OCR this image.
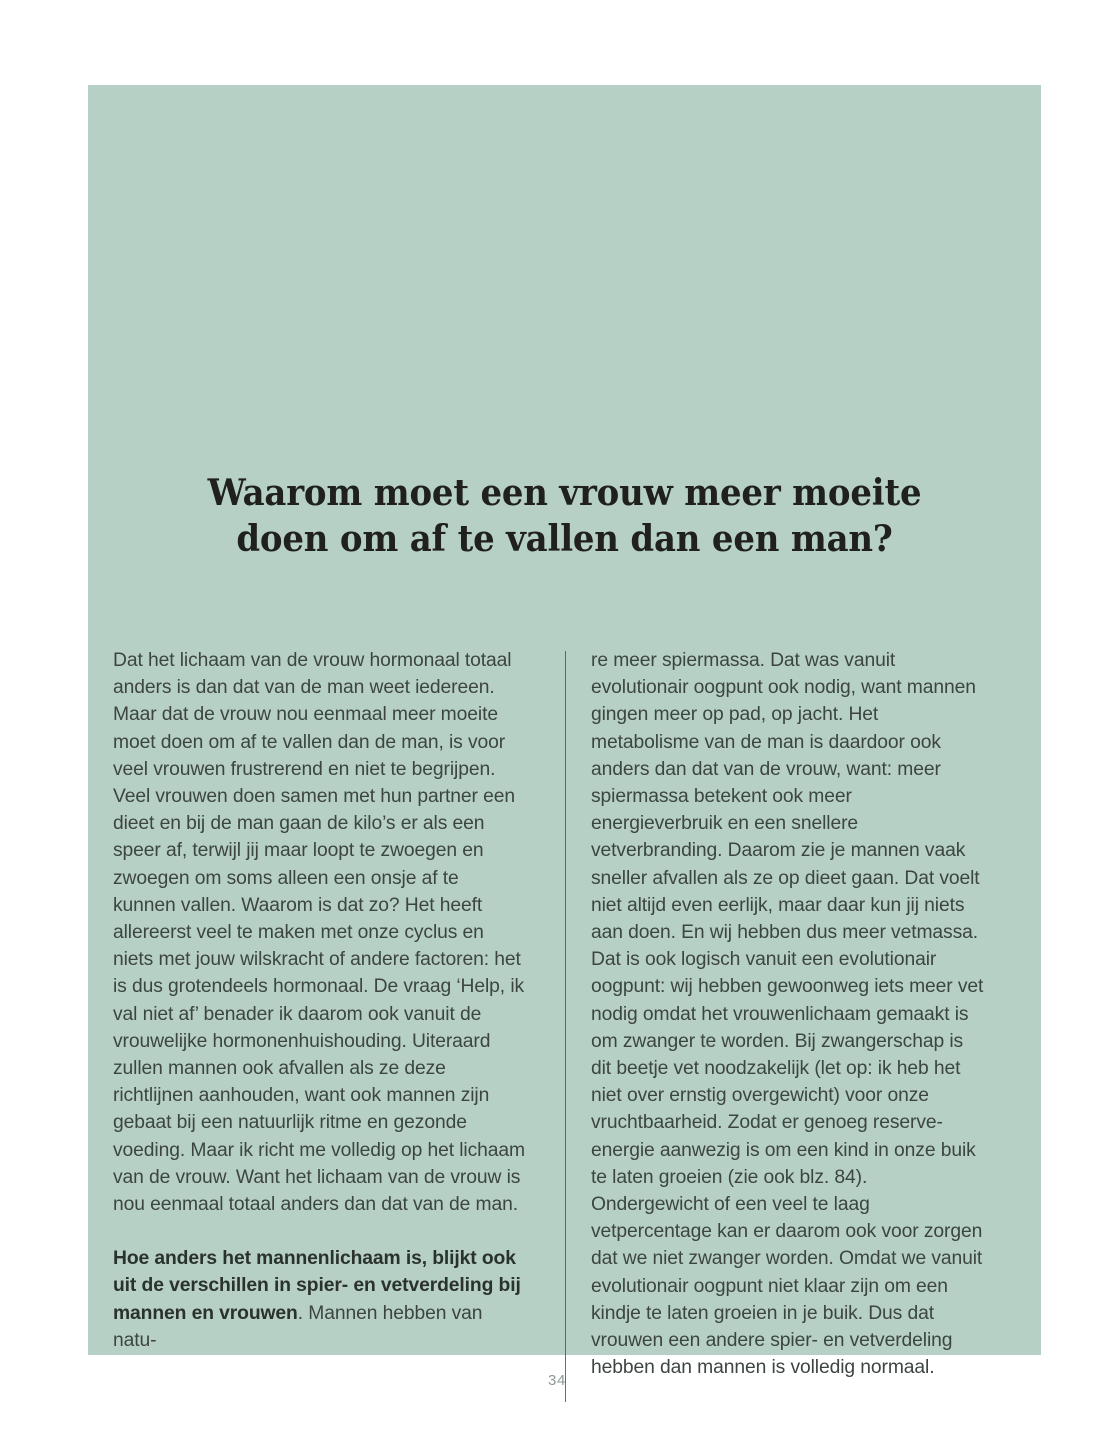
Waarom moet een vrouw meer moeite
doen om af te vallen dan een man?

Dat het lichaam van de vrouw hormonaal totaal anders is dan dat van de man weet iedereen. Maar dat de vrouw nou eenmaal meer moeite moet doen om af te vallen dan de man, is voor veel vrouwen frustrerend en niet te begrijpen. Veel vrouwen doen samen met hun partner een dieet en bij de man gaan de kilo’s er als een speer af, terwijl jij maar loopt te zwoegen en zwoegen om soms alleen een onsje af te kunnen vallen. Waarom is dat zo? Het heeft allereerst veel te maken met onze cyclus en niets met jouw wilskracht of andere factoren: het is dus grotendeels hormonaal. De vraag ‘Help, ik val niet af’ benader ik daarom ook vanuit de vrouwelijke hormonenhuishouding. Uiteraard zullen mannen ook afvallen als ze deze richtlijnen aanhouden, want ook mannen zijn gebaat bij een natuurlijk ritme en gezonde voeding. Maar ik richt me volledig op het lichaam van de vrouw. Want het lichaam van de vrouw is nou eenmaal totaal anders dan dat van de man.

Hoe anders het mannenlichaam is, blijkt ook uit de verschillen in spier- en vetverdeling bij mannen en vrouwen. Mannen hebben van natu-

re meer spiermassa. Dat was vanuit evolutionair oogpunt ook nodig, want mannen gingen meer op pad, op jacht. Het metabolisme van de man is daardoor ook anders dan dat van de vrouw, want: meer spiermassa betekent ook meer energieverbruik en een snellere vetverbranding. Daarom zie je mannen vaak sneller afvallen als ze op dieet gaan. Dat voelt niet altijd even eerlijk, maar daar kun jij niets aan doen. En wij hebben dus meer vetmassa. Dat is ook logisch vanuit een evolutionair oogpunt: wij hebben gewoonweg iets meer vet nodig omdat het vrouwenlichaam gemaakt is om zwanger te worden. Bij zwangerschap is dit beetje vet noodzakelijk (let op: ik heb het niet over ernstig overgewicht) voor onze vruchtbaarheid. Zodat er genoeg reserve-energie aanwezig is om een kind in onze buik te laten groeien (zie ook blz. 84). Ondergewicht of een veel te laag vetpercentage kan er daarom ook voor zorgen dat we niet zwanger worden. Omdat we vanuit evolutionair oogpunt niet klaar zijn om een kindje te laten groeien in je buik. Dus dat vrouwen een andere spier- en vetverdeling hebben dan mannen is volledig normaal.

34
